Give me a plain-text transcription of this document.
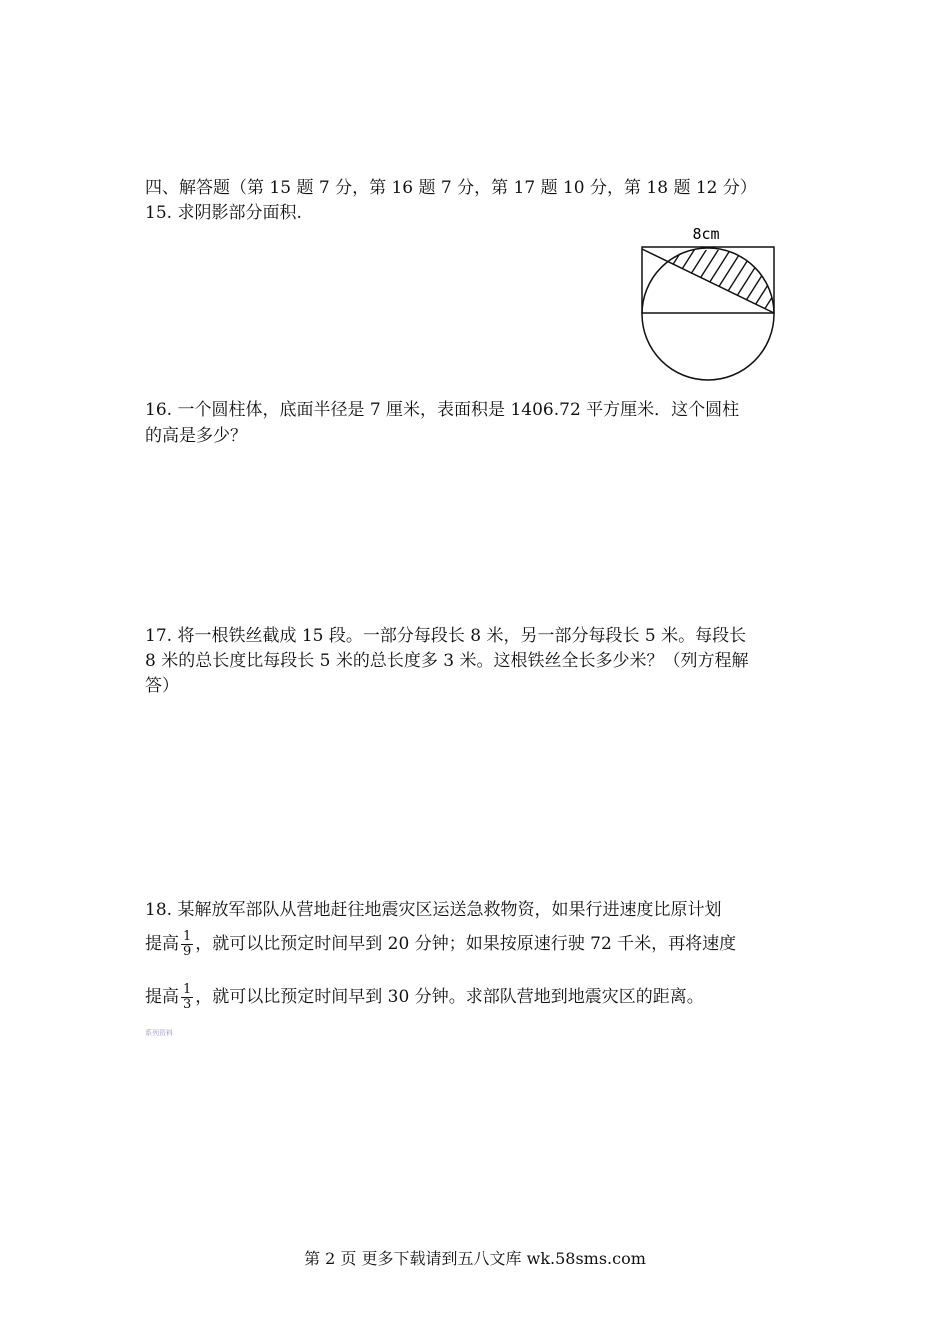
四、解答题（第 15 题 7 分，第 16 题 7 分，第 17 题 10 分，第 18 题 12 分）
15. 求阴影部分面积.
8cm
16. 一个圆柱体，底面半径是 7 厘米，表面积是 1406.72 平方厘米．这个圆柱
的高是多少？
17. 将一根铁丝截成 15 段。一部分每段长 8 米，另一部分每段长 5 米。每段长
8 米的总长度比每段长 5 米的总长度多 3 米。这根铁丝全长多少米？（列方程解
答）
18. 某解放军部队从营地赶往地震灾区运送急救物资，如果行进速度比原计划
提高 $\frac{1}{9}$ ，就可以比预定时间早到 20 分钟；如果按原速行驶 72 千米，再将速度
提高 $\frac{1}{3}$ ，就可以比预定时间早到 30 分钟。求部队营地到地震灾区的距离。
系列资料
第 2 页 更多下载请到五八文库 wk.58sms.com
